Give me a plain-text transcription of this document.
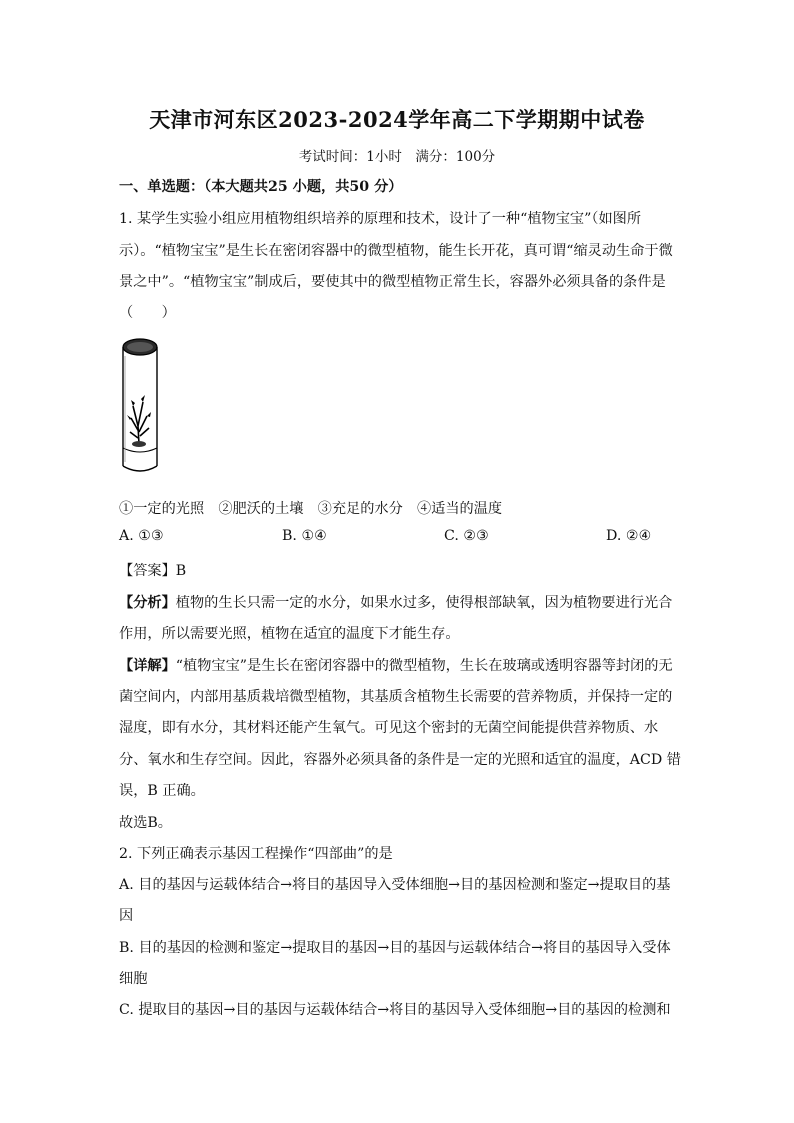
天津市河东区2023-2024学年高二下学期期中试卷
考试时间：1小时　满分：100分
一、单选题：（本大题共25 小题，共50 分）
1. 某学生实验小组应用植物组织培养的原理和技术，设计了一种“植物宝宝”（如图所
示）。“植物宝宝”是生长在密闭容器中的微型植物，能生长开花，真可谓“缩灵动生命于微
景之中”。“植物宝宝”制成后，要使其中的微型植物正常生长，容器外必须具备的条件是
（　　）
①一定的光照　②肥沃的土壤　③充足的水分　④适当的温度
A. ①③	B. ①④	C. ②③	D. ②④
【答案】B
【分析】植物的生长只需一定的水分，如果水过多，使得根部缺氧，因为植物要进行光合
作用，所以需要光照，植物在适宜的温度下才能生存。
【详解】“植物宝宝”是生长在密闭容器中的微型植物，生长在玻璃或透明容器等封闭的无
菌空间内，内部用基质栽培微型植物，其基质含植物生长需要的营养物质，并保持一定的
湿度，即有水分，其材料还能产生氧气。可见这个密封的无菌空间能提供营养物质、水
分、氧水和生存空间。因此，容器外必须具备的条件是一定的光照和适宜的温度，ACD 错
误，B 正确。
故选B。
2. 下列正确表示基因工程操作“四部曲”的是
A. 目的基因与运载体结合→将目的基因导入受体细胞→目的基因检测和鉴定→提取目的基
因
B. 目的基因的检测和鉴定→提取目的基因→目的基因与运载体结合→将目的基因导入受体
细胞
C. 提取目的基因→目的基因与运载体结合→将目的基因导入受体细胞→目的基因的检测和
